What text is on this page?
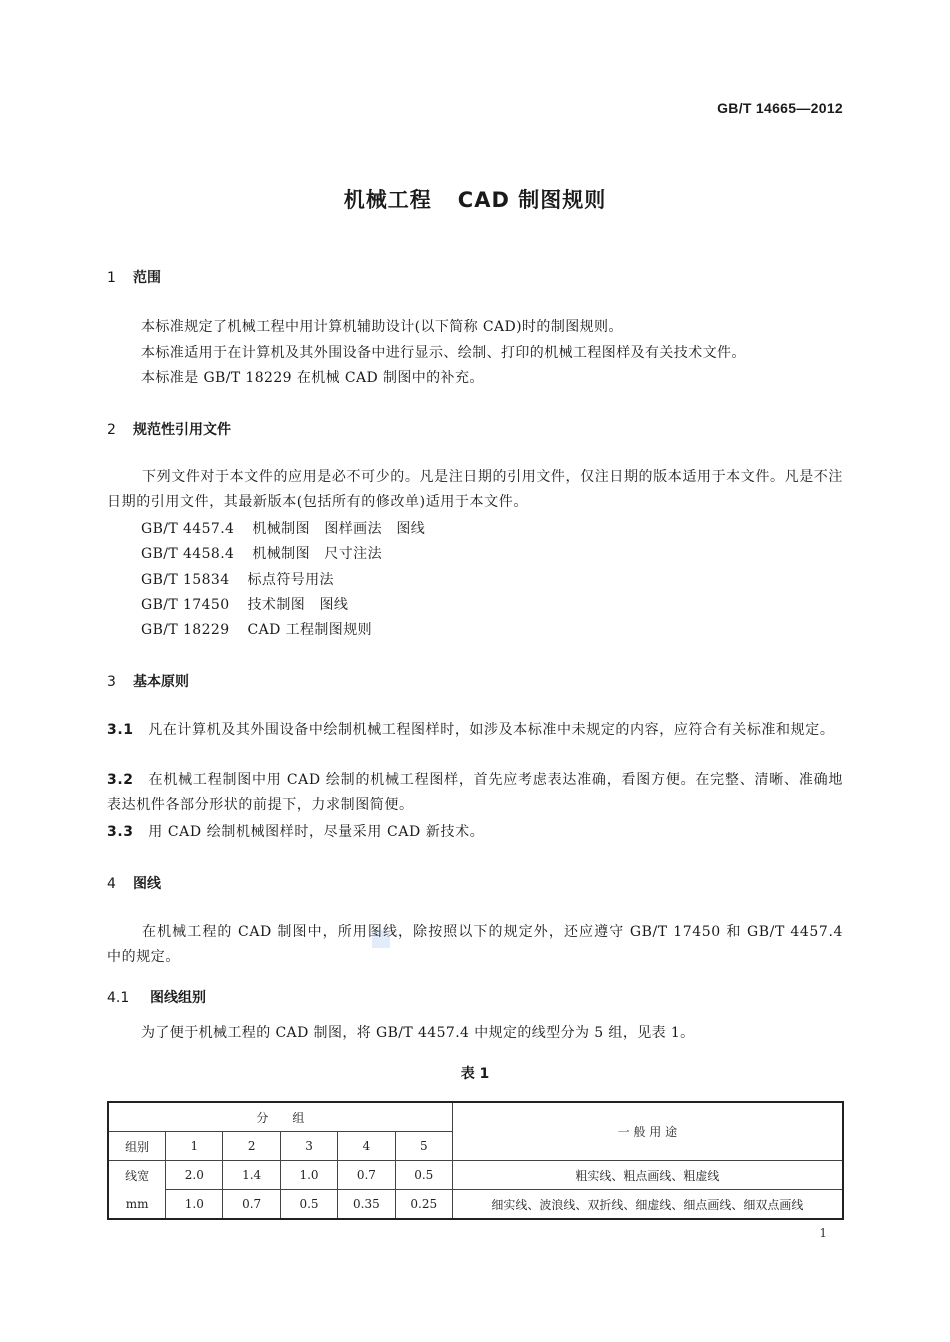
GB/T 14665—2012
机械工程 CAD 制图规则
1 范围
本标准规定了机械工程中用计算机辅助设计(以下简称 CAD)时的制图规则。
本标准适用于在计算机及其外围设备中进行显示、绘制、打印的机械工程图样及有关技术文件。
本标准是 GB/T 18229 在机械 CAD 制图中的补充。
2 规范性引用文件
下列文件对于本文件的应用是必不可少的。凡是注日期的引用文件，仅注日期的版本适用于本文件。凡是不注日期的引用文件，其最新版本(包括所有的修改单)适用于本文件。
GB/T 4457.4 机械制图　图样画法　图线
GB/T 4458.4 机械制图　尺寸注法
GB/T 15834 标点符号用法
GB/T 17450 技术制图　图线
GB/T 18229 CAD 工程制图规则
3 基本原则
3.1　 凡在计算机及其外围设备中绘制机械工程图样时，如涉及本标准中未规定的内容，应符合有关标准和规定。
3.2　 在机械工程制图中用 CAD 绘制的机械工程图样，首先应考虑表达准确，看图方便。在完整、清晰、准确地表达机件各部分形状的前提下，力求制图简便。
3.3　 用 CAD 绘制机械图样时，尽量采用 CAD 新技术。
4 图线
在机械工程的 CAD 制图中，所用图线，除按照以下的规定外，还应遵守 GB/T 17450 和 GB/T 4457.4 中的规定。
4.1 图线组别
为了便于机械工程的 CAD 制图，将 GB/T 4457.4 中规定的线型分为 5 组，见表 1。
表 1
分　　组						一 般 用 途
组别	1	2	3	4	5	
线宽	2.0	1.4	1.0	0.7	0.5	粗实线、粗点画线、粗虚线
mm	1.0	0.7	0.5	0.35	0.25	细实线、波浪线、双折线、细虚线、细点画线、细双点画线
1
